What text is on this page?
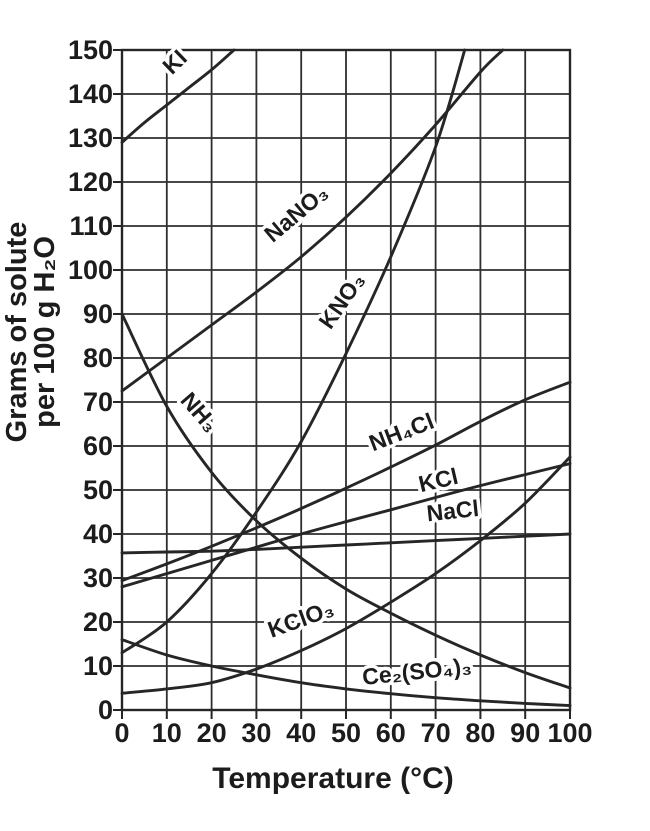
KI
NaNO₃
KNO₃
NH₃	NH₄Cl
KCl
NaCl
KClO₃
Ce₂(SO₄)₃
0 10 20 30 40 50 60 70 80 90 100
0
10
20
30
40
50
60
70
80
90
100
110
120
130
140
150
Temperature (°C)
Grams of solute
per 100 g H₂O
